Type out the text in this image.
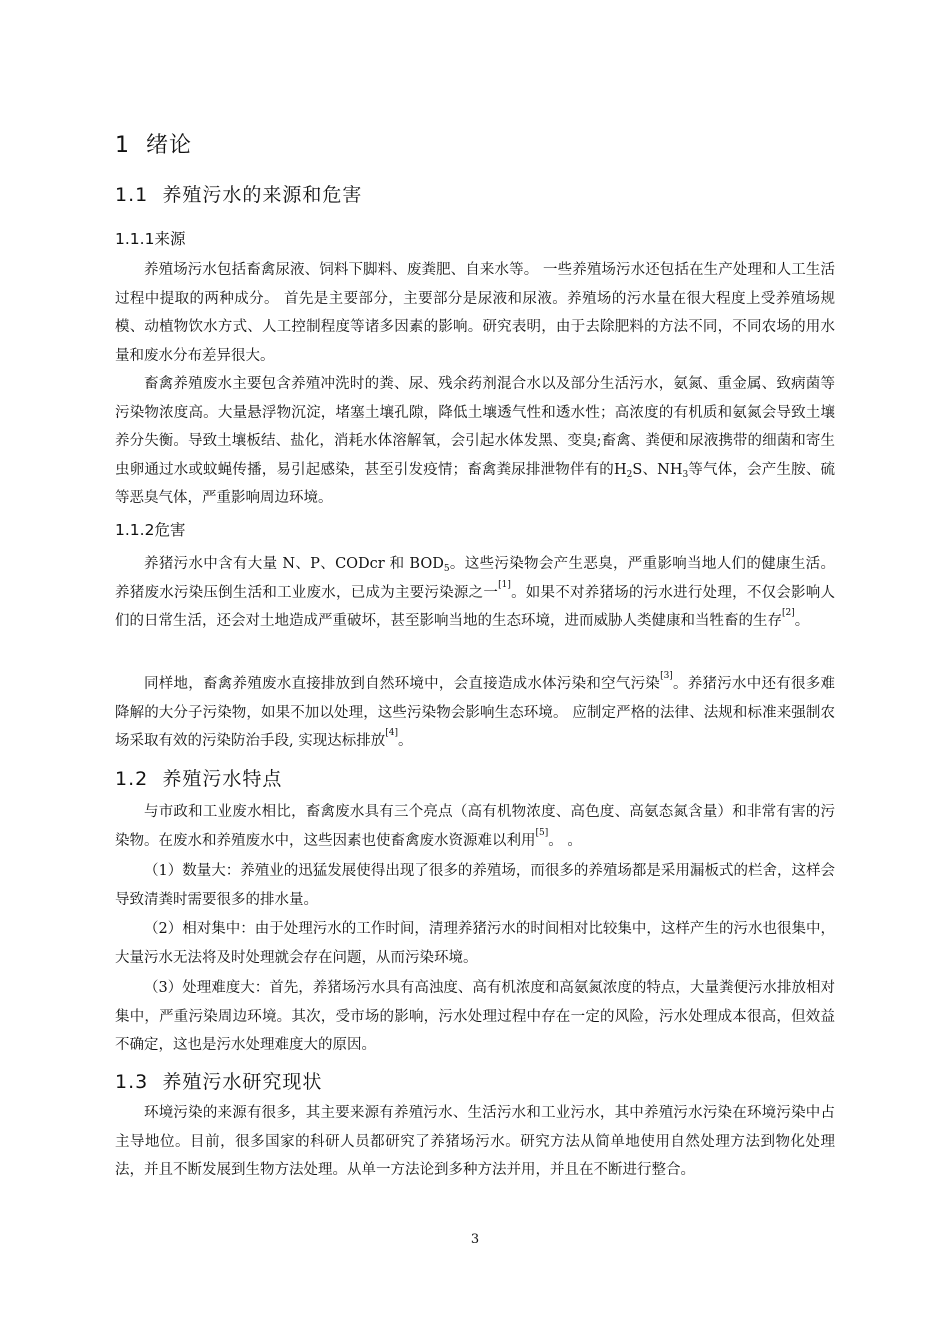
1 绪论
1.1 养殖污水的来源和危害
1.1.1来源

养殖场污水包括畜禽尿液、饲料下脚料、废粪肥、自来水等。 一些养殖场污水还包括在生产处理和人工生活过程中提取的两种成分。 首先是主要部分，主要部分是尿液和尿液。养殖场的污水量在很大程度上受养殖场规模、动植物饮水方式、人工控制程度等诸多因素的影响。研究表明，由于去除肥料的方法不同，不同农场的用水量和废水分布差异很大。

畜禽养殖废水主要包含养殖冲洗时的粪、尿、残余药剂混合水以及部分生活污水，氨氮、重金属、致病菌等污染物浓度高。大量悬浮物沉淀，堵塞土壤孔隙，降低土壤透气性和透水性；高浓度的有机质和氨氮会导致土壤养分失衡。导致土壤板结、盐化，消耗水体溶解氧，会引起水体发黑、变臭;畜禽、粪便和尿液携带的细菌和寄生虫卵通过水或蚊蝇传播，易引起感染，甚至引发疫情；畜禽粪尿排泄物伴有的$H_2S$、$NH_3$等气体，会产生胺、硫等恶臭气体，严重影响周边环境。

1.1.2危害

养猪污水中含有大量 N、P、CODcr 和 $BOD_5$。这些污染物会产生恶臭，严重影响当地人们的健康生活。养猪废水污染压倒生活和工业废水，已成为主要污染源之一[1]。如果不对养猪场的污水进行处理，不仅会影响人们的日常生活，还会对土地造成严重破坏，甚至影响当地的生态环境，进而威胁人类健康和当牲畜的生存[2]。

同样地，畜禽养殖废水直接排放到自然环境中，会直接造成水体污染和空气污染[3]。养猪污水中还有很多难降解的大分子污染物，如果不加以处理，这些污染物会影响生态环境。 应制定严格的法律、法规和标准来强制农场采取有效的污染防治手段, 实现达标排放[4]。

1.2 养殖污水特点

与市政和工业废水相比，畜禽废水具有三个亮点（高有机物浓度、高色度、高氨态氮含量）和非常有害的污染物。在废水和养殖废水中，这些因素也使畜禽废水资源难以利用[5]。 。

（1）数量大：养殖业的迅猛发展使得出现了很多的养殖场，而很多的养殖场都是采用漏板式的栏舍，这样会导致清粪时需要很多的排水量。

（2）相对集中：由于处理污水的工作时间，清理养猪污水的时间相对比较集中，这样产生的污水也很集中，大量污水无法将及时处理就会存在问题，从而污染环境。

（3）处理难度大：首先，养猪场污水具有高浊度、高有机浓度和高氨氮浓度的特点，大量粪便污水排放相对集中，严重污染周边环境。其次，受市场的影响，污水处理过程中存在一定的风险，污水处理成本很高，但效益不确定，这也是污水处理难度大的原因。

1.3 养殖污水研究现状

环境污染的来源有很多，其主要来源有养殖污水、生活污水和工业污水，其中养殖污水污染在环境污染中占主导地位。目前，很多国家的科研人员都研究了养猪场污水。研究方法从简单地使用自然处理方法到物化处理法，并且不断发展到生物方法处理。从单一方法论到多种方法并用，并且在不断进行整合。

3
